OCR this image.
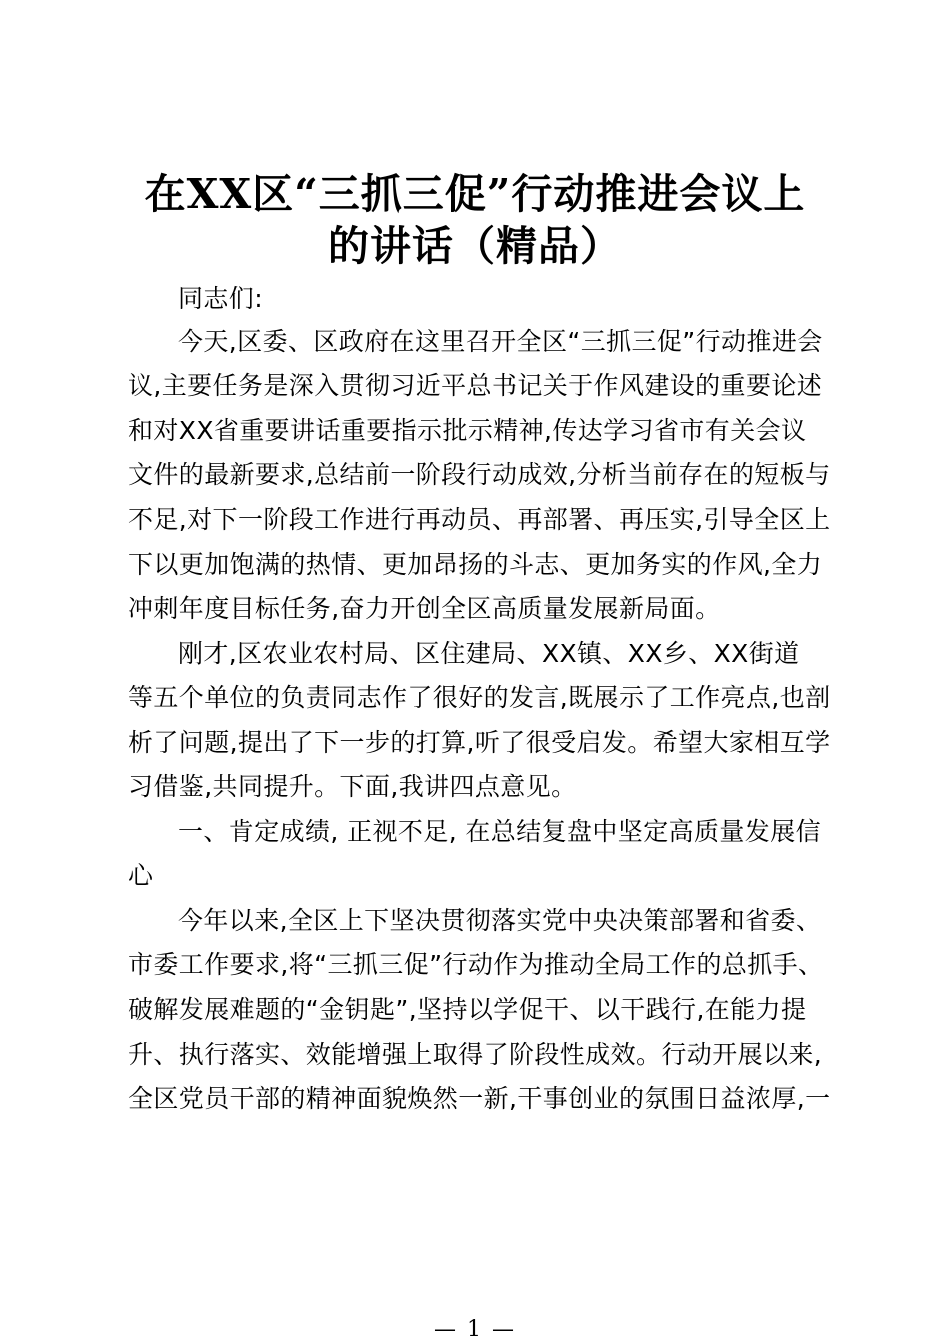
在XX区“三抓三促”行动推进会议上
的讲话（精品）
同志们:
今天,区委、区政府在这里召开全区“三抓三促”行动推进会
议,主要任务是深入贯彻习近平总书记关于作风建设的重要论述
和对XX省重要讲话重要指示批示精神,传达学习省市有关会议
文件的最新要求,总结前一阶段行动成效,分析当前存在的短板与
不足,对下一阶段工作进行再动员、再部署、再压实,引导全区上
下以更加饱满的热情、更加昂扬的斗志、更加务实的作风,全力
冲刺年度目标任务,奋力开创全区高质量发展新局面。
刚才,区农业农村局、区住建局、XX镇、XX乡、XX街道
等五个单位的负责同志作了很好的发言,既展示了工作亮点,也剖
析了问题,提出了下一步的打算,听了很受启发。希望大家相互学
习借鉴,共同提升。下面,我讲四点意见。
一、肯定成绩, 正视不足, 在总结复盘中坚定高质量发展信
心
今年以来,全区上下坚决贯彻落实党中央决策部署和省委、
市委工作要求,将“三抓三促”行动作为推动全局工作的总抓手、
破解发展难题的“金钥匙”,坚持以学促干、以干践行,在能力提
升、执行落实、效能增强上取得了阶段性成效。行动开展以来,
全区党员干部的精神面貌焕然一新,干事创业的氛围日益浓厚,一
— 1 —
